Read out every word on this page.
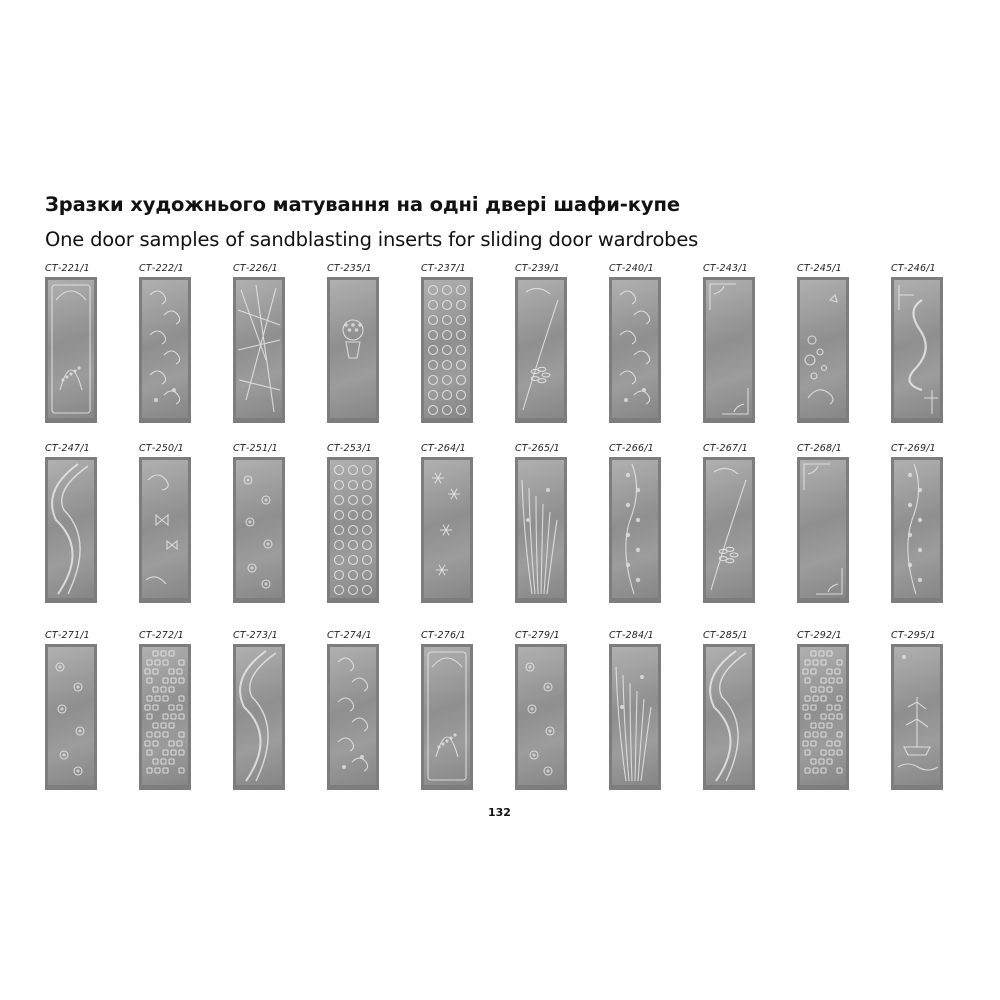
Зразки художнього матування на одні двері шафи-купе
One door samples of sandblasting inserts for sliding door wardrobes
СТ-221/1	СТ-222/1	СТ-226/1	СТ-235/1	СТ-237/1	СТ-239/1	СТ-240/1	СТ-243/1	СТ-245/1	СТ-246/1
СТ-247/1	СТ-250/1	СТ-251/1	СТ-253/1	СТ-264/1	СТ-265/1	СТ-266/1	СТ-267/1	СТ-268/1	СТ-269/1
СТ-271/1	СТ-272/1	СТ-273/1	СТ-274/1	СТ-276/1	СТ-279/1	СТ-284/1	СТ-285/1	СТ-292/1	СТ-295/1
132
